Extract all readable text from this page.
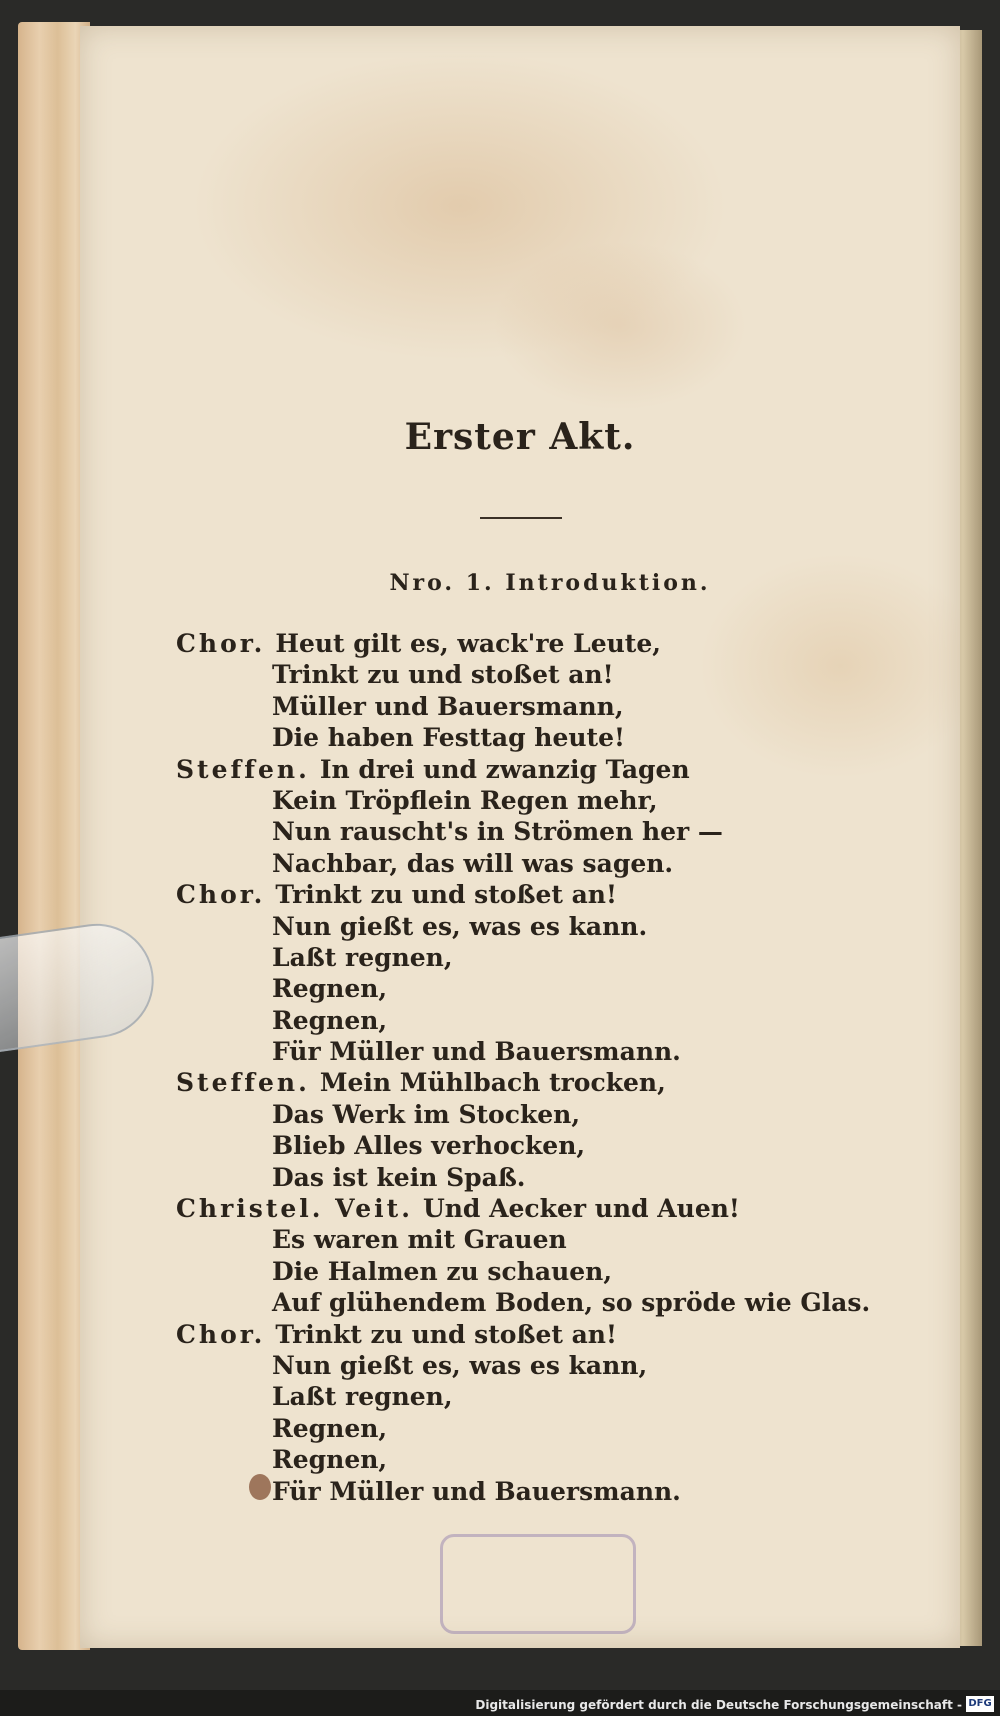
Erster Akt.
Nro. 1. Introduktion.
Chor. Heut gilt es, wack're Leute,
Trinkt zu und stoßet an!
Müller und Bauersmann,
Die haben Festtag heute!
Steffen. In drei und zwanzig Tagen
Kein Tröpflein Regen mehr,
Nun rauscht's in Strömen her —
Nachbar, das will was sagen.
Chor. Trinkt zu und stoßet an!
Nun gießt es, was es kann.
Laßt regnen,
Regnen,
Regnen,
Für Müller und Bauersmann.
Steffen. Mein Mühlbach trocken,
Das Werk im Stocken,
Blieb Alles verhocken,
Das ist kein Spaß.
Christel. Veit. Und Aecker und Auen!
Es waren mit Grauen
Die Halmen zu schauen,
Auf glühendem Boden, so spröde wie Glas.
Chor. Trinkt zu und stoßet an!
Nun gießt es, was es kann,
Laßt regnen,
Regnen,
Regnen,
Für Müller und Bauersmann.
Digitalisierung gefördert durch die Deutsche Forschungsgemeinschaft - DFG
